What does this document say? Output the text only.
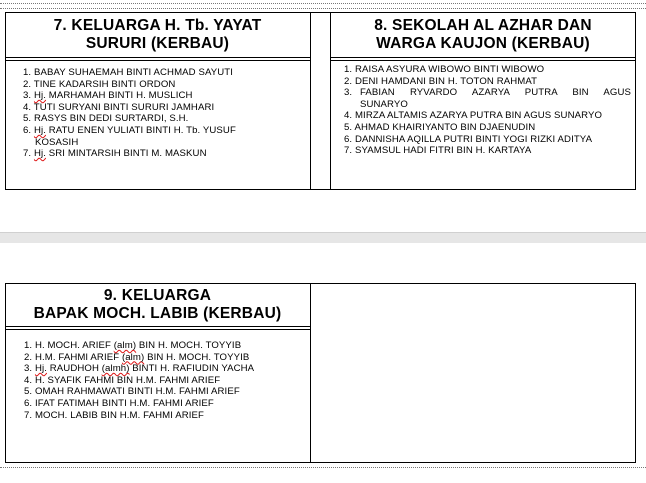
7. KELUARGA H. Tb. YAYAT
SURURI (KERBAU)
8. SEKOLAH AL AZHAR DAN
WARGA KAUJON (KERBAU)
1. BABAY SUHAEMAH BINTI ACHMAD SAYUTI
2. TINE KADARSIH BINTI ORDON
3. Hj. MARHAMAH BINTI H. MUSLICH
4. TUTI SURYANI BINTI SURURI JAMHARI
5. RASYS BIN DEDI SURTARDI, S.H.
6. Hj. RATU ENEN YULIATI BINTI H. Tb. YUSUF
KOSASIH
7. Hj. SRI MINTARSIH BINTI M. MASKUN
1. RAISA ASYURA WIBOWO BINTI WIBOWO
2. DENI HAMDANI BIN H. TOTON RAHMAT
3. FABIAN RYVARDO AZARYA PUTRA BIN AGUS
SUNARYO
4. MIRZA ALTAMIS AZARYA PUTRA BIN AGUS SUNARYO
5. AHMAD KHAIRIYANTO BIN DJAENUDIN
6. DANNISHA AQILLA PUTRI BINTI YOGI RIZKI ADITYA
7. SYAMSUL HADI FITRI BIN H. KARTAYA
9. KELUARGA
BAPAK MOCH. LABIB (KERBAU)
1. H. MOCH. ARIEF (alm) BIN H. MOCH. TOYYIB
2. H.M. FAHMI ARIEF (alm) BIN H. MOCH. TOYYIB
3. Hj. RAUDHOH (almh) BINTI H. RAFIUDIN YACHA
4. H. SYAFIK FAHMI BIN H.M. FAHMI ARIEF
5. OMAH RAHMAWATI BINTI H.M. FAHMI ARIEF
6. IFAT FATIMAH BINTI H.M. FAHMI ARIEF
7. MOCH. LABIB BIN H.M. FAHMI ARIEF
